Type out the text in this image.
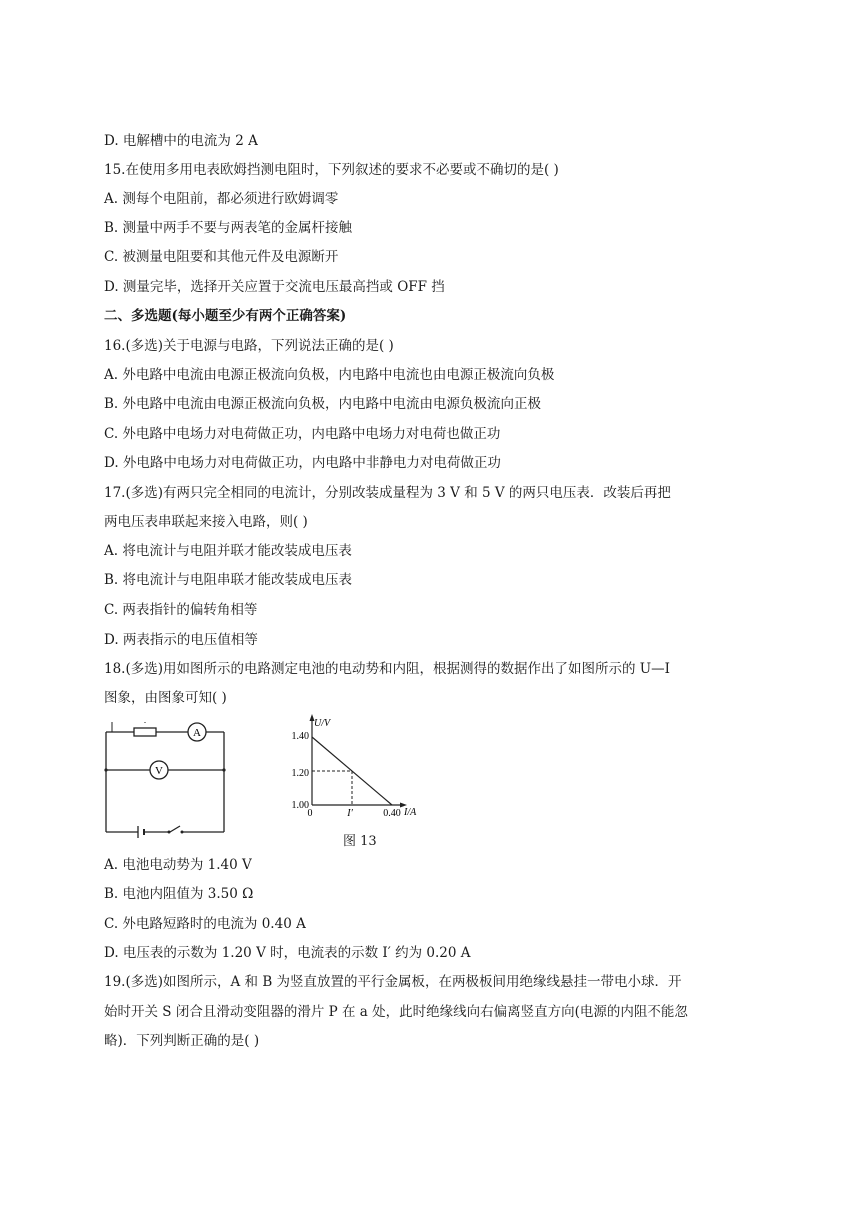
D. 电解槽中的电流为 2 A
15.在使用多用电表欧姆挡测电阻时，下列叙述的要求不必要或不确切的是( )
A. 测每个电阻前，都必须进行欧姆调零
B. 测量中两手不要与两表笔的金属杆接触
C. 被测量电阻要和其他元件及电源断开
D. 测量完毕，选择开关应置于交流电压最高挡或 OFF 挡
二、多选题(每小题至少有两个正确答案)
16.(多选)关于电源与电路，下列说法正确的是( )
A. 外电路中电流由电源正极流向负极，内电路中电流也由电源正极流向负极
B. 外电路中电流由电源正极流向负极，内电路中电流由电源负极流向正极
C. 外电路中电场力对电荷做正功，内电路中电场力对电荷也做正功
D. 外电路中电场力对电荷做正功，内电路中非静电力对电荷做正功
17.(多选)有两只完全相同的电流计，分别改装成量程为 3 V 和 5 V 的两只电压表．改装后再把
两电压表串联起来接入电路，则( )
A. 将电流计与电阻并联才能改装成电压表
B. 将电流计与电阻串联才能改装成电压表
C. 两表指针的偏转角相等
D. 两表指示的电压值相等
18.(多选)用如图所示的电路测定电池的电动势和内阻，根据测得的数据作出了如图所示的 U—I
图象，由图象可知( )
A
V
U/V
I/A
1.40
1.20
1.00
0	I′	0.40
图 13
A. 电池电动势为 1.40 V
B. 电池内阻值为 3.50 Ω
C. 外电路短路时的电流为 0.40 A
D. 电压表的示数为 1.20 V 时，电流表的示数 I′ 约为 0.20 A
19.(多选)如图所示，A 和 B 为竖直放置的平行金属板，在两极板间用绝缘线悬挂一带电小球．开
始时开关 S 闭合且滑动变阻器的滑片 P 在 a 处，此时绝缘线向右偏离竖直方向(电源的内阻不能忽
略)．下列判断正确的是( )
